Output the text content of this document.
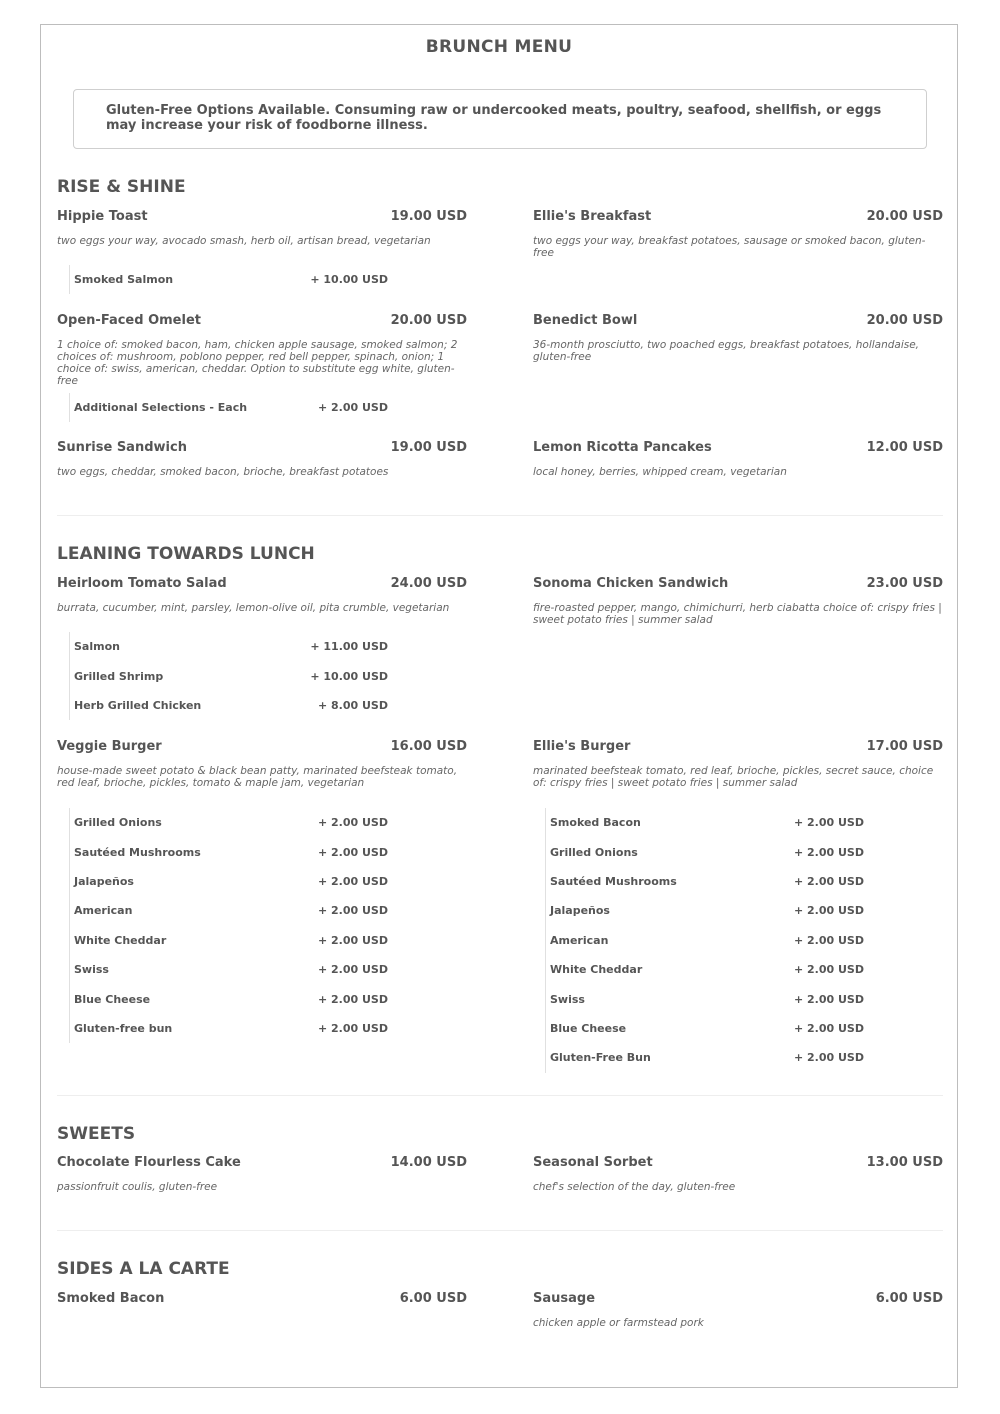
BRUNCH MENU
Gluten-Free Options Available. Consuming raw or undercooked meats, poultry, seafood, shellfish, or eggs may increase your risk of foodborne illness.
RISE & SHINE
Hippie Toast	19.00 USD
two eggs your way, avocado smash, herb oil, artisan bread, vegetarian
Smoked Salmon	+ 10.00 USD
Ellie's Breakfast	20.00 USD
two eggs your way, breakfast potatoes, sausage or smoked bacon, gluten-free
Open-Faced Omelet	20.00 USD
1 choice of: smoked bacon, ham, chicken apple sausage, smoked salmon; 2 choices of: mushroom, poblono pepper, red bell pepper, spinach, onion; 1 choice of: swiss, american, cheddar. Option to substitute egg white, gluten-free
Additional Selections - Each	+ 2.00 USD
Benedict Bowl	20.00 USD
36-month prosciutto, two poached eggs, breakfast potatoes, hollandaise, gluten-free
Sunrise Sandwich	19.00 USD
two eggs, cheddar, smoked bacon, brioche, breakfast potatoes
Lemon Ricotta Pancakes	12.00 USD
local honey, berries, whipped cream, vegetarian
LEANING TOWARDS LUNCH
Heirloom Tomato Salad	24.00 USD
burrata, cucumber, mint, parsley, lemon-olive oil, pita crumble, vegetarian
Salmon	+ 11.00 USD
Grilled Shrimp	+ 10.00 USD
Herb Grilled Chicken	+ 8.00 USD
Sonoma Chicken Sandwich	23.00 USD
fire-roasted pepper, mango, chimichurri, herb ciabatta choice of: crispy fries | sweet potato fries | summer salad
Veggie Burger	16.00 USD
house-made sweet potato & black bean patty, marinated beefsteak tomato, red leaf, brioche, pickles, tomato & maple jam, vegetarian
Grilled Onions	+ 2.00 USD
Sautéed Mushrooms	+ 2.00 USD
Jalapeños	+ 2.00 USD
American	+ 2.00 USD
White Cheddar	+ 2.00 USD
Swiss	+ 2.00 USD
Blue Cheese	+ 2.00 USD
Gluten-free bun	+ 2.00 USD
Ellie's Burger	17.00 USD
marinated beefsteak tomato, red leaf, brioche, pickles, secret sauce, choice of: crispy fries | sweet potato fries | summer salad
Smoked Bacon	+ 2.00 USD
Grilled Onions	+ 2.00 USD
Sautéed Mushrooms	+ 2.00 USD
Jalapeños	+ 2.00 USD
American	+ 2.00 USD
White Cheddar	+ 2.00 USD
Swiss	+ 2.00 USD
Blue Cheese	+ 2.00 USD
Gluten-Free Bun	+ 2.00 USD
SWEETS
Chocolate Flourless Cake	14.00 USD
passionfruit coulis, gluten-free
Seasonal Sorbet	13.00 USD
chef's selection of the day, gluten-free
SIDES A LA CARTE
Smoked Bacon	6.00 USD	Sausage	6.00 USD
chicken apple or farmstead pork
